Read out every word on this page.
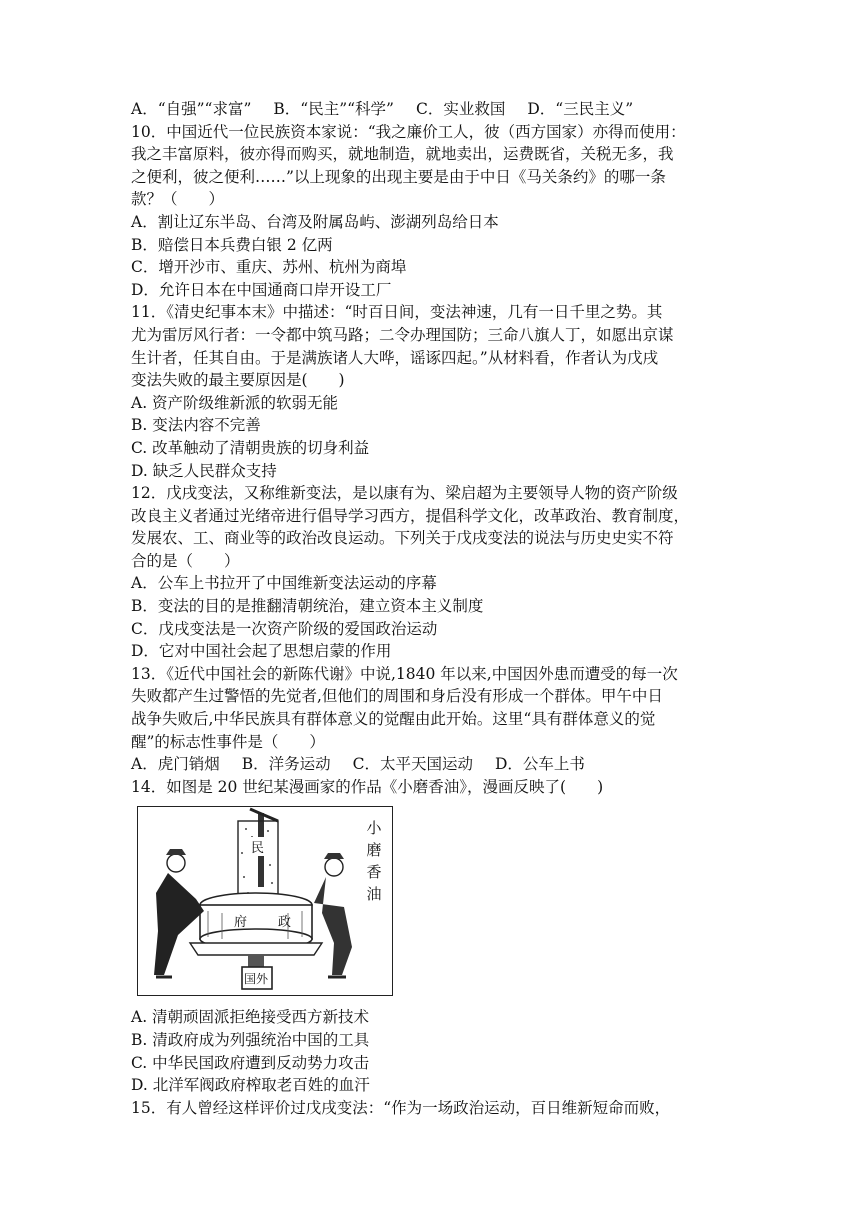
A．“自强”“求富” B．“民主”“科学” C．实业救国 D．“三民主义”
10．中国近代一位民族资本家说：“我之廉价工人，彼（西方国家）亦得而使用：
我之丰富原料，彼亦得而购买，就地制造，就地卖出，运费既省，关税无多，我
之便利，彼之便利……”以上现象的出现主要是由于中日《马关条约》的哪一条
款？（　　）
A．割让辽东半岛、台湾及附属岛屿、澎湖列岛给日本
B．赔偿日本兵费白银 2 亿两
C．增开沙市、重庆、苏州、杭州为商埠
D．允许日本在中国通商口岸开设工厂
11．《清史纪事本末》中描述：“时百日间，变法神速，几有一日千里之势。其
尤为雷厉风行者：一令都中筑马路；二令办理国防；三命八旗人丁，如愿出京谋
生计者，任其自由。于是满族诸人大哗，谣诼四起。”从材料看，作者认为戊戌
变法失败的最主要原因是(　　)
A. 资产阶级维新派的软弱无能
B. 变法内容不完善
C. 改革触动了清朝贵族的切身利益
D. 缺乏人民群众支持
12．戊戌变法，又称维新变法，是以康有为、梁启超为主要领导人物的资产阶级
改良主义者通过光绪帝进行倡导学习西方，提倡科学文化，改革政治、教育制度，
发展农、工、商业等的政治改良运动。下列关于戊戌变法的说法与历史史实不符
合的是（　　）
A．公车上书拉开了中国维新变法运动的序幕
B．变法的目的是推翻清朝统治，建立资本主义制度
C．戊戌变法是一次资产阶级的爱国政治运动
D．它对中国社会起了思想启蒙的作用
13．《近代中国社会的新陈代谢》中说,1840 年以来,中国因外患而遭受的每一次
失败都产生过警悟的先觉者,但他们的周围和身后没有形成一个群体。甲午中日
战争失败后,中华民族具有群体意义的觉醒由此开始。这里“具有群体意义的觉
醒”的标志性事件是（　　）
A．虎门销烟 B．洋务运动 C．太平天国运动 D．公车上书
14．如图是 20 世纪某漫画家的作品《小磨香油》，漫画反映了(　　)
小
磨
香
油
民
府 政
国外
A. 清朝顽固派拒绝接受西方新技术
B. 清政府成为列强统治中国的工具
C. 中华民国政府遭到反动势力攻击
D. 北洋军阀政府榨取老百姓的血汗
15．有人曾经这样评价过戊戌变法：“作为一场政治运动，百日维新短命而败，
